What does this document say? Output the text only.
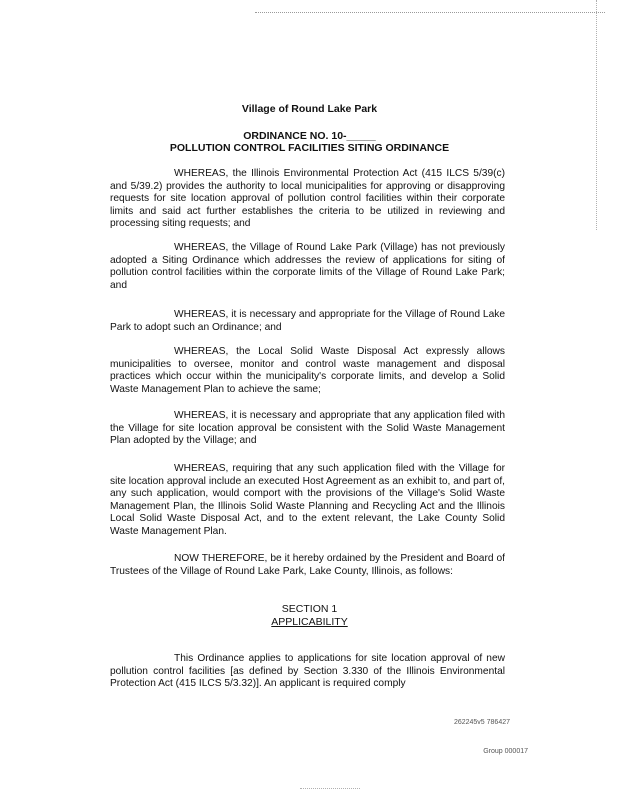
Village of Round Lake Park
ORDINANCE NO. 10-_____
POLLUTION CONTROL FACILITIES SITING ORDINANCE

WHEREAS, the Illinois Environmental Protection Act (415 ILCS 5/39(c) and 5/39.2) provides the authority to local municipalities for approving or disapproving requests for site location approval of pollution control facilities within their corporate limits and said act further establishes the criteria to be utilized in reviewing and processing siting requests; and

WHEREAS, the Village of Round Lake Park (Village) has not previously adopted a Siting Ordinance which addresses the review of applications for siting of pollution control facilities within the corporate limits of the Village of Round Lake Park; and

WHEREAS, it is necessary and appropriate for the Village of Round Lake Park to adopt such an Ordinance; and

WHEREAS, the Local Solid Waste Disposal Act expressly allows municipalities to oversee, monitor and control waste management and disposal practices which occur within the municipality's corporate limits, and develop a Solid Waste Management Plan to achieve the same;

WHEREAS, it is necessary and appropriate that any application filed with the Village for site location approval be consistent with the Solid Waste Management Plan adopted by the Village; and

WHEREAS, requiring that any such application filed with the Village for site location approval include an executed Host Agreement as an exhibit to, and part of, any such application, would comport with the provisions of the Village's Solid Waste Management Plan, the Illinois Solid Waste Planning and Recycling Act and the Illinois Local Solid Waste Disposal Act, and to the extent relevant, the Lake County Solid Waste Management Plan.

NOW THEREFORE, be it hereby ordained by the President and Board of Trustees of the Village of Round Lake Park, Lake County, Illinois, as follows:

SECTION 1
APPLICABILITY

This Ordinance applies to applications for site location approval of new pollution control facilities [as defined by Section 3.330 of the Illinois Environmental Protection Act (415 ILCS 5/3.32)]. An applicant is required comply

262245v5 786427
Group 000017
